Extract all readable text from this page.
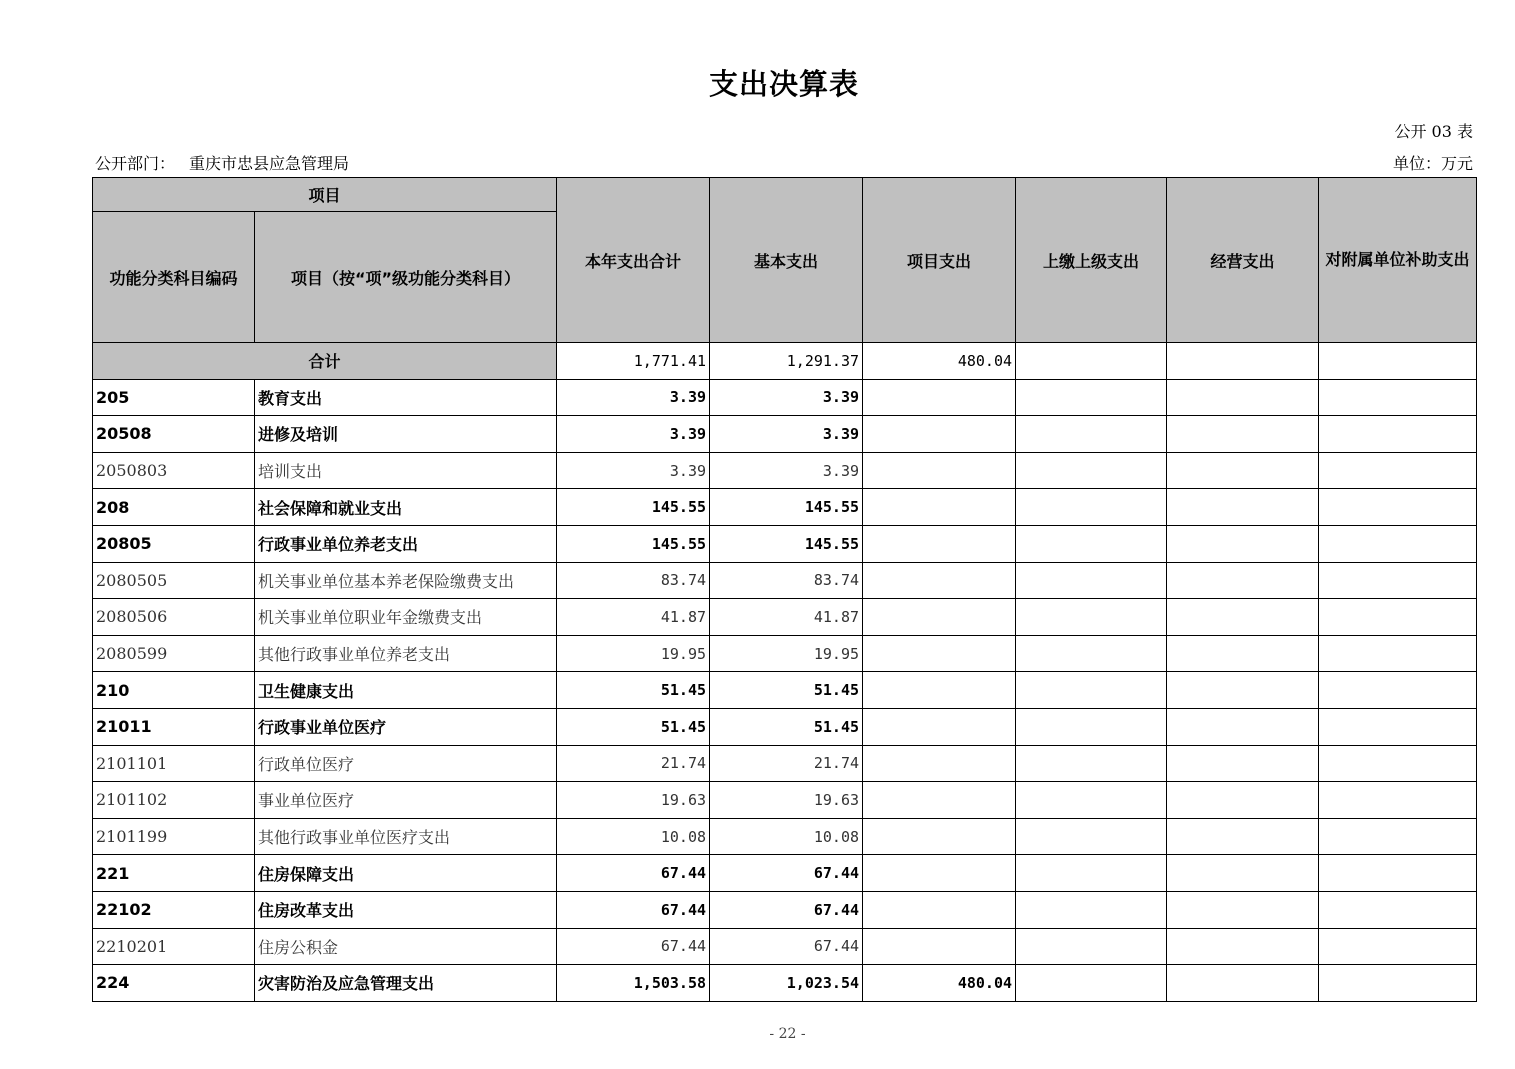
支出决算表
公开 03 表
公开部门： 重庆市忠县应急管理局	单位：万元
项目		本年支出合计	基本支出	项目支出	上缴上级支出	经营支出	对附属单位补助支出
功能分类科目编码	项目（按“项”级功能分类科目）						
合计		1,771.41	1,291.37	480.04			
205	教育支出	3.39	3.39				
20508	进修及培训	3.39	3.39				
2050803	培训支出	3.39	3.39				
208	社会保障和就业支出	145.55	145.55				
20805	行政事业单位养老支出	145.55	145.55				
2080505	机关事业单位基本养老保险缴费支出	83.74	83.74				
2080506	机关事业单位职业年金缴费支出	41.87	41.87				
2080599	其他行政事业单位养老支出	19.95	19.95				
210	卫生健康支出	51.45	51.45				
21011	行政事业单位医疗	51.45	51.45				
2101101	行政单位医疗	21.74	21.74				
2101102	事业单位医疗	19.63	19.63				
2101199	其他行政事业单位医疗支出	10.08	10.08				
221	住房保障支出	67.44	67.44				
22102	住房改革支出	67.44	67.44				
2210201	住房公积金	67.44	67.44				
224	灾害防治及应急管理支出	1,503.58	1,023.54	480.04			
- 22 -
